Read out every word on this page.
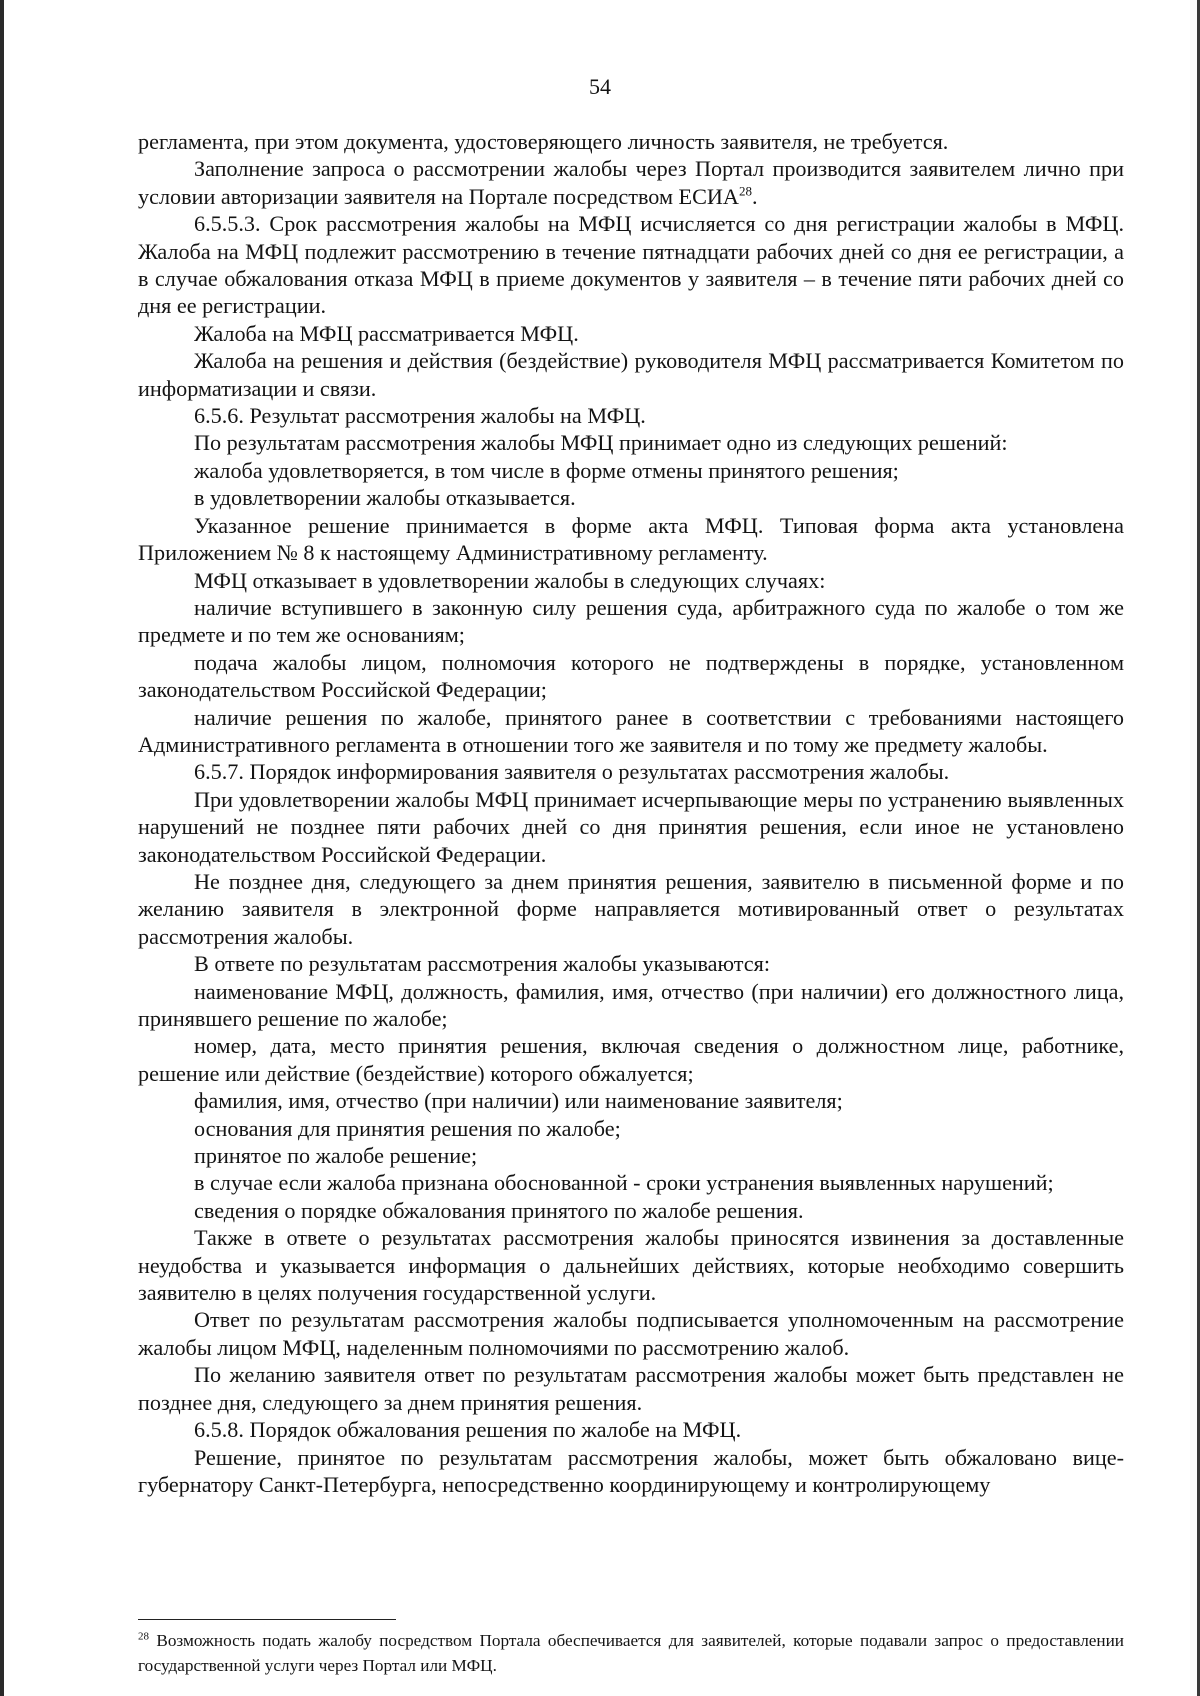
54

регламента, при этом документа, удостоверяющего личность заявителя, не требуется.

Заполнение запроса о рассмотрении жалобы через Портал производится заявителем лично при условии авторизации заявителя на Портале посредством ЕСИА$^{28}$.

6.5.5.3. Срок рассмотрения жалобы на МФЦ исчисляется со дня регистрации жалобы в МФЦ. Жалоба на МФЦ подлежит рассмотрению в течение пятнадцати рабочих дней со дня ее регистрации, а в случае обжалования отказа МФЦ в приеме документов у заявителя – в течение пяти рабочих дней со дня ее регистрации.

Жалоба на МФЦ рассматривается МФЦ.

Жалоба на решения и действия (бездействие) руководителя МФЦ рассматривается Комитетом по информатизации и связи.

6.5.6. Результат рассмотрения жалобы на МФЦ.

По результатам рассмотрения жалобы МФЦ принимает одно из следующих решений:

жалоба удовлетворяется, в том числе в форме отмены принятого решения;

в удовлетворении жалобы отказывается.

Указанное решение принимается в форме акта МФЦ. Типовая форма акта установлена Приложением № 8 к настоящему Административному регламенту.

МФЦ отказывает в удовлетворении жалобы в следующих случаях:

наличие вступившего в законную силу решения суда, арбитражного суда по жалобе о том же предмете и по тем же основаниям;

подача жалобы лицом, полномочия которого не подтверждены в порядке, установленном законодательством Российской Федерации;

наличие решения по жалобе, принятого ранее в соответствии с требованиями настоящего Административного регламента в отношении того же заявителя и по тому же предмету жалобы.

6.5.7. Порядок информирования заявителя о результатах рассмотрения жалобы.

При удовлетворении жалобы МФЦ принимает исчерпывающие меры по устранению выявленных нарушений не позднее пяти рабочих дней со дня принятия решения, если иное не установлено законодательством Российской Федерации.

Не позднее дня, следующего за днем принятия решения, заявителю в письменной форме и по желанию заявителя в электронной форме направляется мотивированный ответ о результатах рассмотрения жалобы.

В ответе по результатам рассмотрения жалобы указываются:

наименование МФЦ, должность, фамилия, имя, отчество (при наличии) его должностного лица, принявшего решение по жалобе;

номер, дата, место принятия решения, включая сведения о должностном лице, работнике, решение или действие (бездействие) которого обжалуется;

фамилия, имя, отчество (при наличии) или наименование заявителя;

основания для принятия решения по жалобе;

принятое по жалобе решение;

в случае если жалоба признана обоснованной - сроки устранения выявленных нарушений;

сведения о порядке обжалования принятого по жалобе решения.

Также в ответе о результатах рассмотрения жалобы приносятся извинения за доставленные неудобства и указывается информация о дальнейших действиях, которые необходимо совершить заявителю в целях получения государственной услуги.

Ответ по результатам рассмотрения жалобы подписывается уполномоченным на рассмотрение жалобы лицом МФЦ, наделенным полномочиями по рассмотрению жалоб.

По желанию заявителя ответ по результатам рассмотрения жалобы может быть представлен не позднее дня, следующего за днем принятия решения.

6.5.8. Порядок обжалования решения по жалобе на МФЦ.

Решение, принятое по результатам рассмотрения жалобы, может быть обжаловано вице-губернатору Санкт-Петербурга, непосредственно координирующему и контролирующему

$^{28}$ Возможность подать жалобу посредством Портала обеспечивается для заявителей, которые подавали запрос о предоставлении государственной услуги через Портал или МФЦ.
